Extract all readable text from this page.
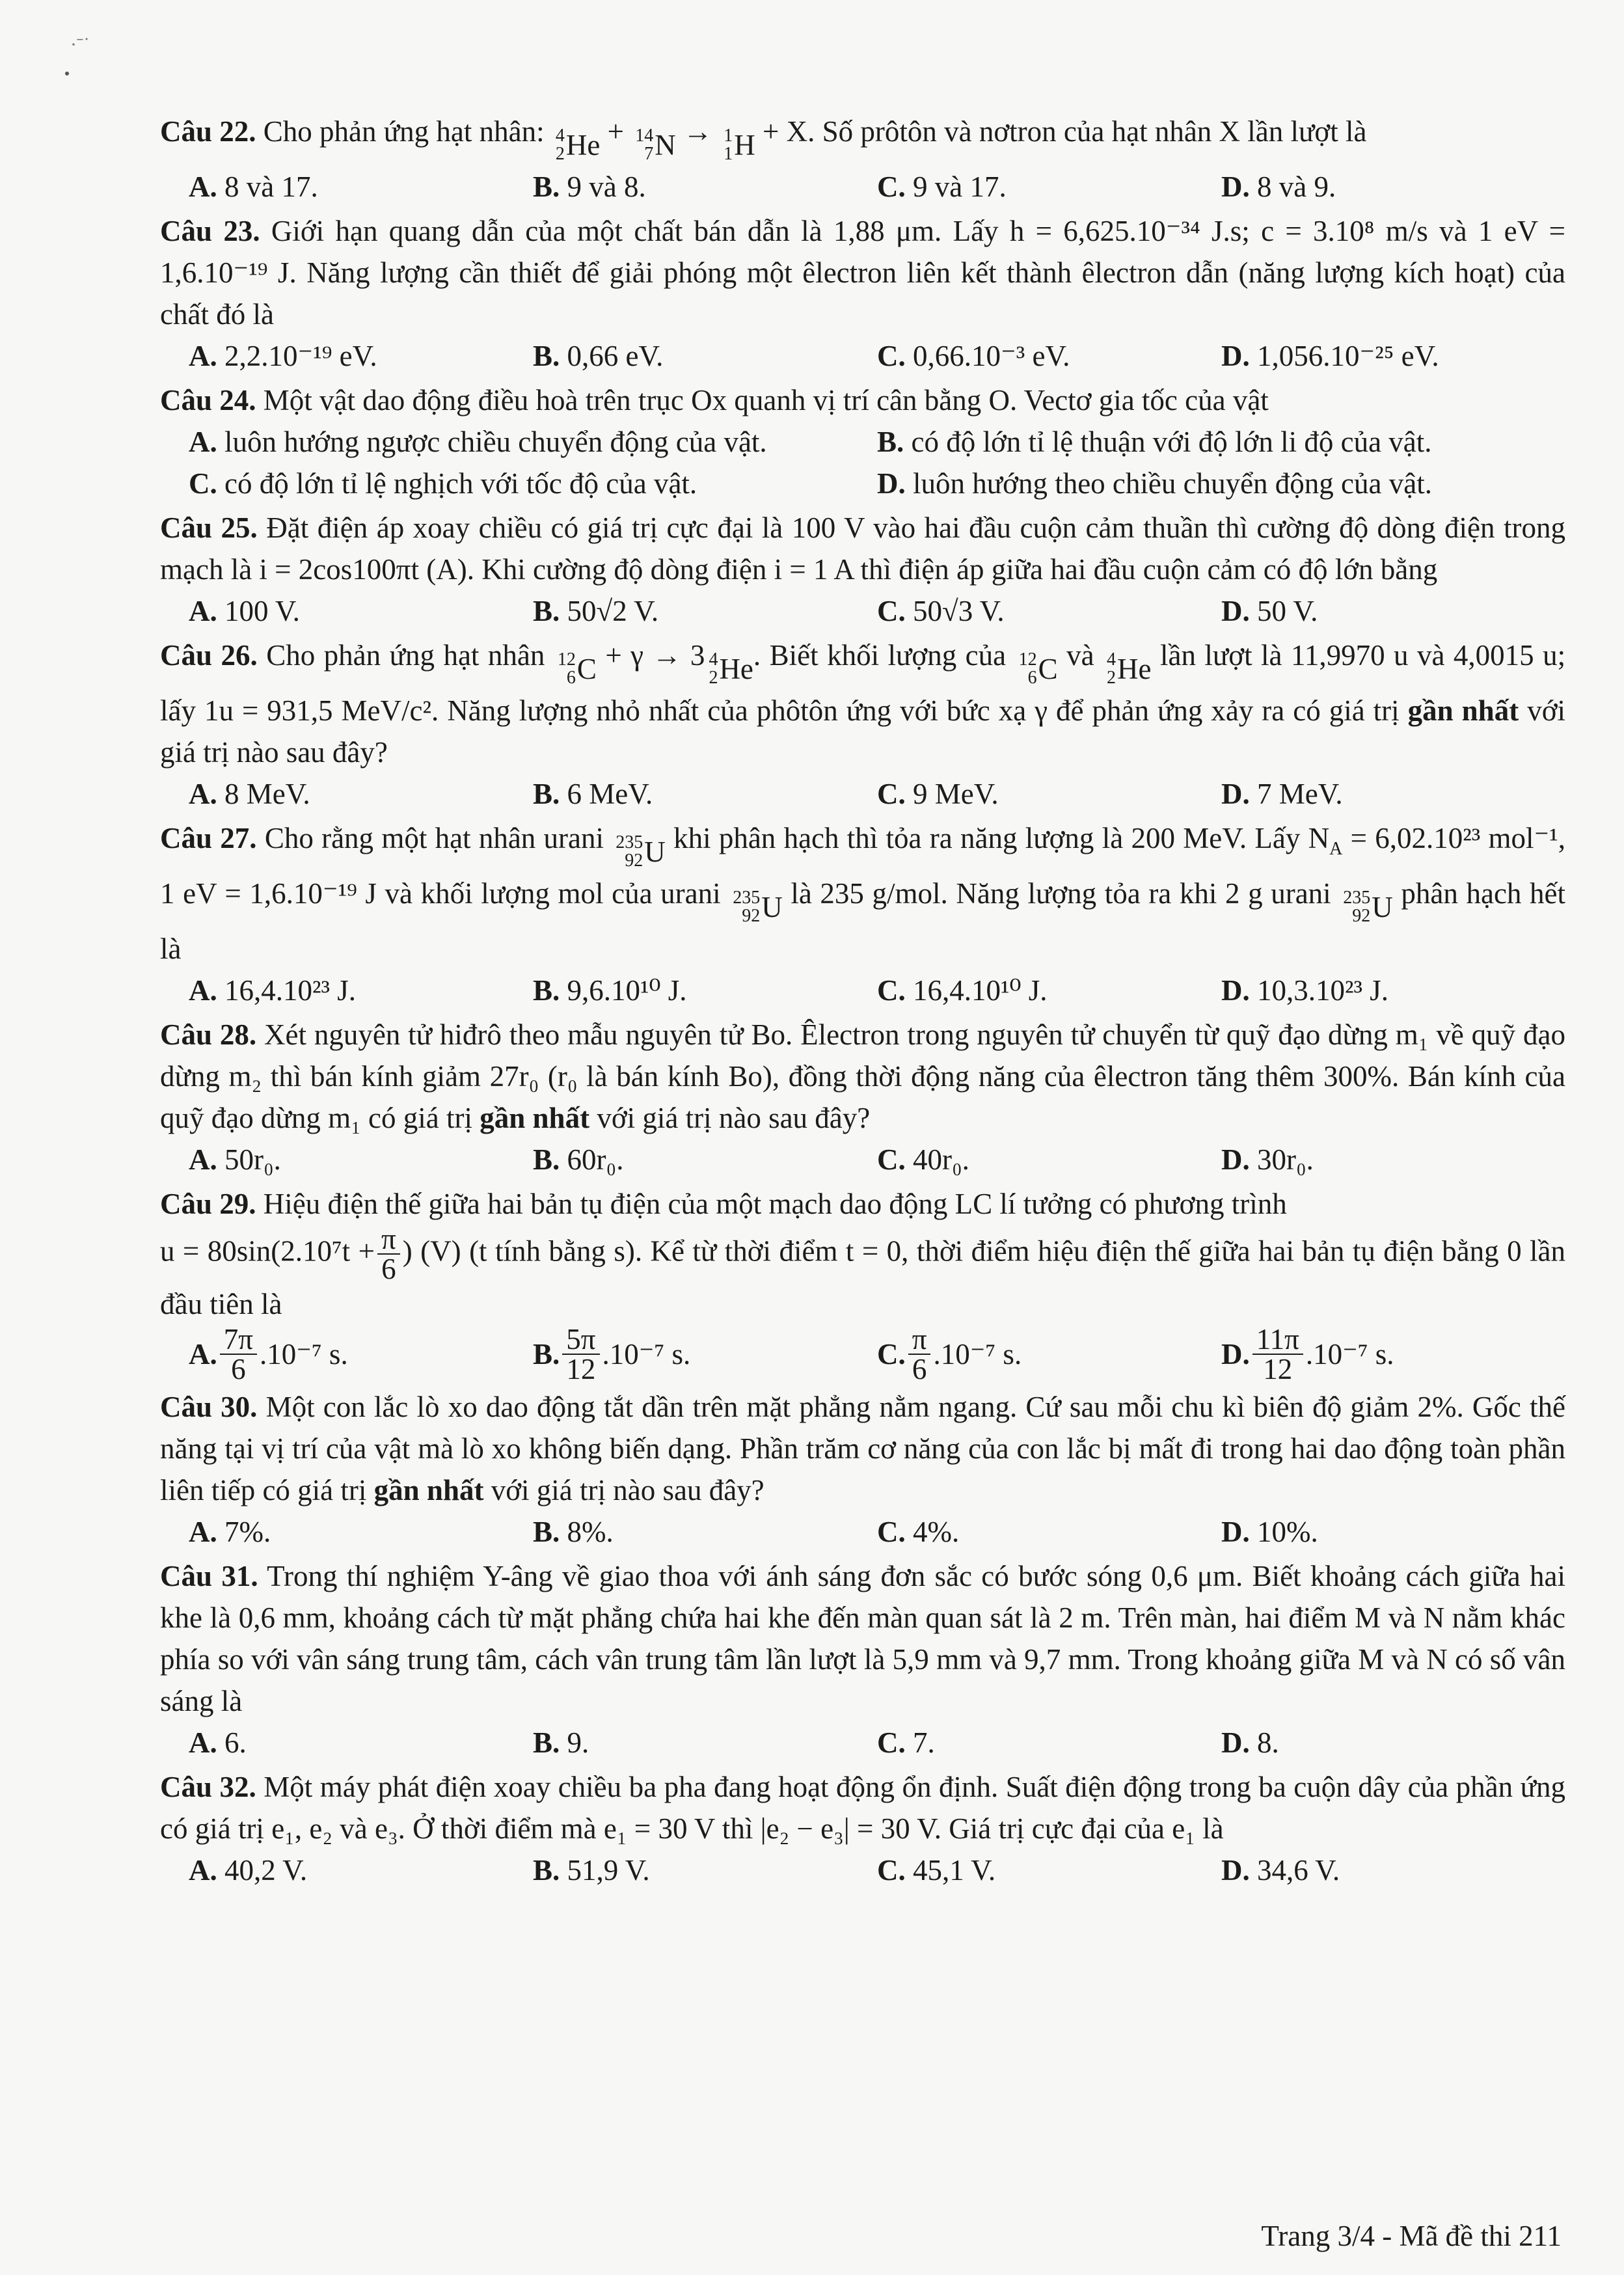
·ˉ˙
Câu 22. Cho phản ứng hạt nhân: 4
2 He + 14
7 N → 1
1 H + X. Số prôtôn và nơtron của hạt nhân X lần lượt là
A. 8 và 17.	B. 9 và 8.	C. 9 và 17.	D. 8 và 9.
Câu 23. Giới hạn quang dẫn của một chất bán dẫn là 1,88 μm. Lấy h = 6,625.10⁻³⁴ J.s; c = 3.10⁸ m/s và 1 eV = 1,6.10⁻¹⁹ J. Năng lượng cần thiết để giải phóng một êlectron liên kết thành êlectron dẫn (năng lượng kích hoạt) của chất đó là
A. 2,2.10⁻¹⁹ eV.	B. 0,66 eV.	C. 0,66.10⁻³ eV.	D. 1,056.10⁻²⁵ eV.
Câu 24. Một vật dao động điều hoà trên trục Ox quanh vị trí cân bằng O. Vectơ gia tốc của vật
A. luôn hướng ngược chiều chuyển động của vật.	B. có độ lớn tỉ lệ thuận với độ lớn li độ của vật.
C. có độ lớn tỉ lệ nghịch với tốc độ của vật.	D. luôn hướng theo chiều chuyển động của vật.
Câu 25. Đặt điện áp xoay chiều có giá trị cực đại là 100 V vào hai đầu cuộn cảm thuần thì cường độ dòng điện trong mạch là i = 2cos100πt (A). Khi cường độ dòng điện i = 1 A thì điện áp giữa hai đầu cuộn cảm có độ lớn bằng
A. 100 V.	B. 50√2 V.	C. 50√3 V.	D. 50 V.
Câu 26. Cho phản ứng hạt nhân 12
6 C + γ → 3 4
2 He . Biết khối lượng của 12
6 C và 4
2 He lần lượt là 11,9970 u và 4,0015 u; lấy 1u = 931,5 MeV/c². Năng lượng nhỏ nhất của phôtôn ứng với bức xạ γ để phản ứng xảy ra có giá trị gần nhất với giá trị nào sau đây?
A. 8 MeV.	B. 6 MeV.	C. 9 MeV.	D. 7 MeV.
Câu 27. Cho rằng một hạt nhân urani 235
92 U khi phân hạch thì tỏa ra năng lượng là 200 MeV. Lấy $N_A = 6,02.10^{23}$ mol⁻¹, 1 eV = 1,6.10⁻¹⁹ J và khối lượng mol của urani 235
92 U là 235 g/mol. Năng lượng tỏa ra khi 2 g urani 235
92 U phân hạch hết là
A. 16,4.10²³ J.	B. 9,6.10¹⁰ J.	C. 16,4.10¹⁰ J.	D. 10,3.10²³ J.
Câu 28. Xét nguyên tử hiđrô theo mẫu nguyên tử Bo. Êlectron trong nguyên tử chuyển từ quỹ đạo dừng m₁ về quỹ đạo dừng m₂ thì bán kính giảm 27r₀ (r₀ là bán kính Bo), đồng thời động năng của êlectron tăng thêm 300%. Bán kính của quỹ đạo dừng m₁ có giá trị gần nhất với giá trị nào sau đây?
A. 50r₀.	B. 60r₀.	C. 40r₀.	D. 30r₀.
Câu 29. Hiệu điện thế giữa hai bản tụ điện của một mạch dao động LC lí tưởng có phương trình
$u = 80\sin(2.10^7t + \frac{\pi}{6}$ ) (V) (t tính bằng s). Kể từ thời điểm t = 0, thời điểm hiệu điện thế giữa hai bản tụ điện bằng 0 lần đầu tiên là
A. $\frac{7\pi}{6} .10^{-7}$ s.	B. $\frac{5\pi}{12} .10^{-7}$ s.	C. $\frac{\pi}{6} .10^{-7}$ s.	D. $\frac{11\pi}{12} .10^{-7}$ s.
Câu 30. Một con lắc lò xo dao động tắt dần trên mặt phẳng nằm ngang. Cứ sau mỗi chu kì biên độ giảm 2%. Gốc thế năng tại vị trí của vật mà lò xo không biến dạng. Phần trăm cơ năng của con lắc bị mất đi trong hai dao động toàn phần liên tiếp có giá trị gần nhất với giá trị nào sau đây?
A. 7%.	B. 8%.	C. 4%.	D. 10%.
Câu 31. Trong thí nghiệm Y-âng về giao thoa với ánh sáng đơn sắc có bước sóng 0,6 μm. Biết khoảng cách giữa hai khe là 0,6 mm, khoảng cách từ mặt phẳng chứa hai khe đến màn quan sát là 2 m. Trên màn, hai điểm M và N nằm khác phía so với vân sáng trung tâm, cách vân trung tâm lần lượt là 5,9 mm và 9,7 mm. Trong khoảng giữa M và N có số vân sáng là
A. 6.	B. 9.	C. 7.	D. 8.
Câu 32. Một máy phát điện xoay chiều ba pha đang hoạt động ổn định. Suất điện động trong ba cuộn dây của phần ứng có giá trị e₁, e₂ và e₃. Ở thời điểm mà e₁ = 30 V thì |e₂ − e₃| = 30 V. Giá trị cực đại của e₁ là
A. 40,2 V.	B. 51,9 V.	C. 45,1 V.	D. 34,6 V.
Trang 3/4 - Mã đề thi 211
